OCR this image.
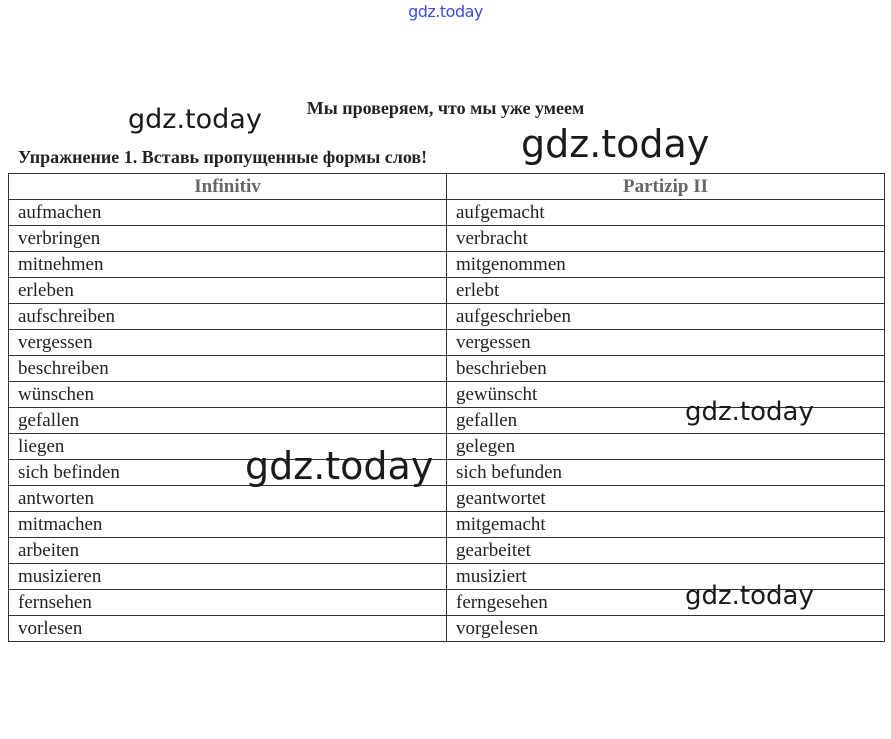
gdz.today
Мы проверяем, что мы уже умеем
Упражнение 1. Вставь пропущенные формы слов!
Infinitiv	Partizip II
aufmachen	aufgemacht
verbringen	verbracht
mitnehmen	mitgenommen
erleben	erlebt
aufschreiben	aufgeschrieben
vergessen	vergessen
beschreiben	beschrieben
wünschen	gewünscht
gefallen	gefallen
liegen	gelegen
sich befinden	sich befunden
antworten	geantwortet
mitmachen	mitgemacht
arbeiten	gearbeitet
musizieren	musiziert
fernsehen	ferngesehen
vorlesen	vorgelesen
gdz.today
gdz.today
gdz.today
gdz.today
gdz.today
